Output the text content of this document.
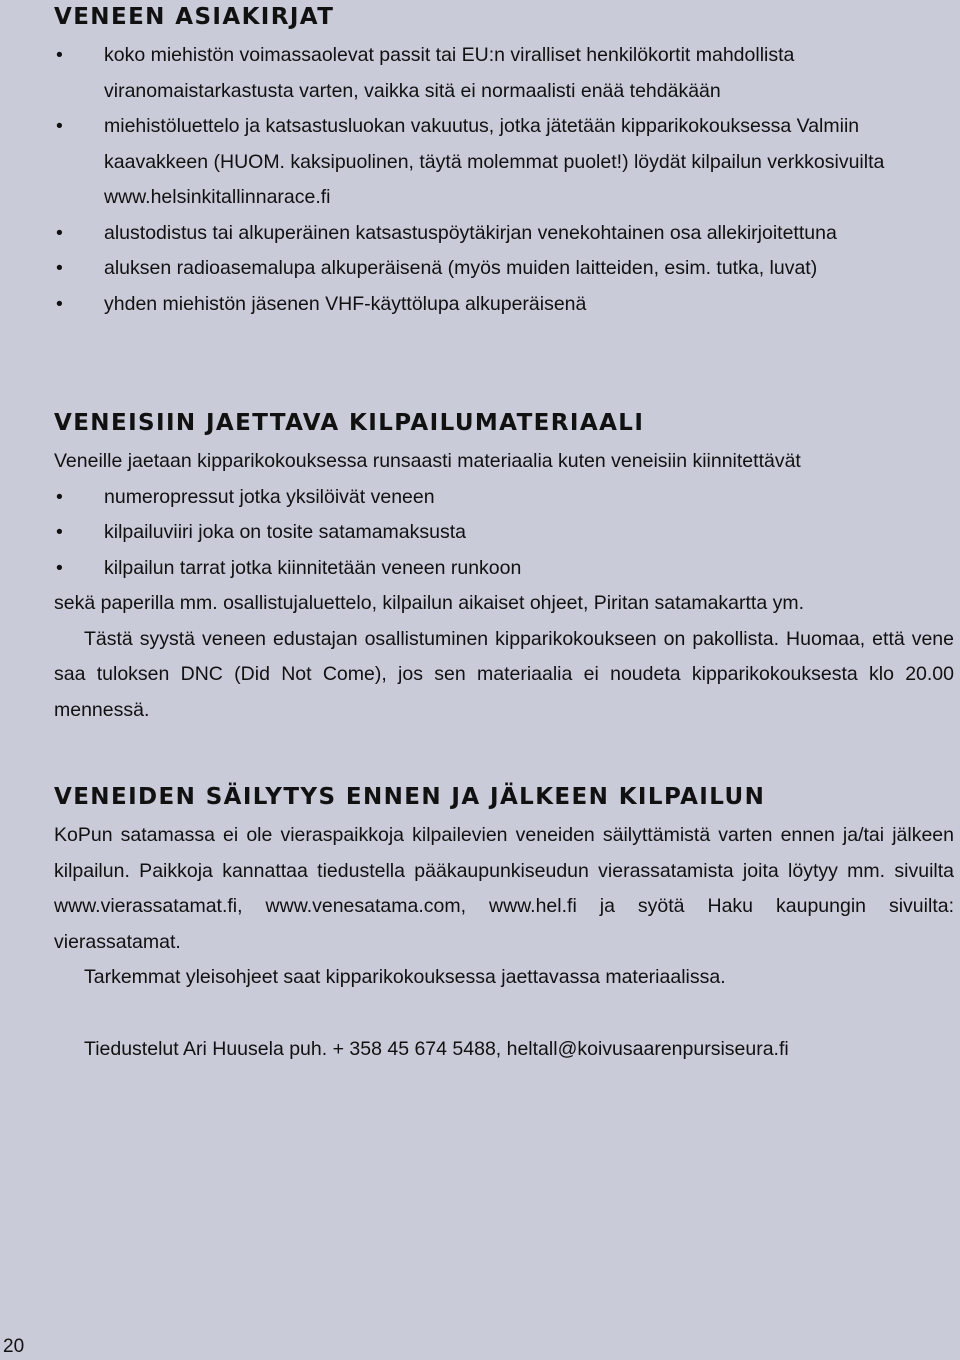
VENEEN ASIAKIRJAT
• koko miehistön voimassaolevat passit tai EU:n viralliset henkilökortit mahdollista viranomaistarkastusta varten, vaikka sitä ei normaalisti enää tehdäkään
• miehistöluettelo ja katsastusluokan vakuutus, jotka jätetään kipparikokouksessa Valmiin kaavakkeen (HUOM. kaksipuolinen, täytä molemmat puolet!) löydät kilpailun verkkosivuilta www.helsinkitallinnarace.fi
• alustodistus tai alkuperäinen katsastuspöytäkirjan venekohtainen osa allekirjoitettuna
• aluksen radioasemalupa alkuperäisenä (myös muiden laitteiden, esim. tutka, luvat)
• yhden miehistön jäsenen VHF-käyttölupa alkuperäisenä
VENEISIIN JAETTAVA KILPAILUMATERIAALI

Veneille jaetaan kipparikokouksessa runsaasti materiaalia kuten veneisiin kiinnitettävät

• numeropressut jotka yksilöivät veneen
• kilpailuviiri joka on tosite satamamaksusta
• kilpailun tarrat jotka kiinnitetään veneen runkoon

sekä paperilla mm. osallistujaluettelo, kilpailun aikaiset ohjeet, Piritan satamakartta ym.

Tästä syystä veneen edustajan osallistuminen kipparikokoukseen on pakollista. Huomaa, että vene saa tuloksen DNC (Did Not Come), jos sen materiaalia ei noudeta kipparikokouksesta klo 20.00 mennessä.

VENEIDEN SÄILYTYS ENNEN JA JÄLKEEN KILPAILUN

KoPun satamassa ei ole vieraspaikkoja kilpailevien veneiden säilyttämistä varten ennen ja/tai jälkeen kilpailun. Paikkoja kannattaa tiedustella pääkaupunkiseudun vierassatamista joita löytyy mm. sivuilta www.vierassatamat.fi, www.venesatama.com, www.hel.fi ja syötä Haku kaupungin sivuilta: vierassatamat.

Tarkemmat yleisohjeet saat kipparikokouksessa jaettavassa materiaalissa.

Tiedustelut Ari Huusela puh. + 358 45 674 5488, heltall@koivusaarenpursiseura.fi

20
